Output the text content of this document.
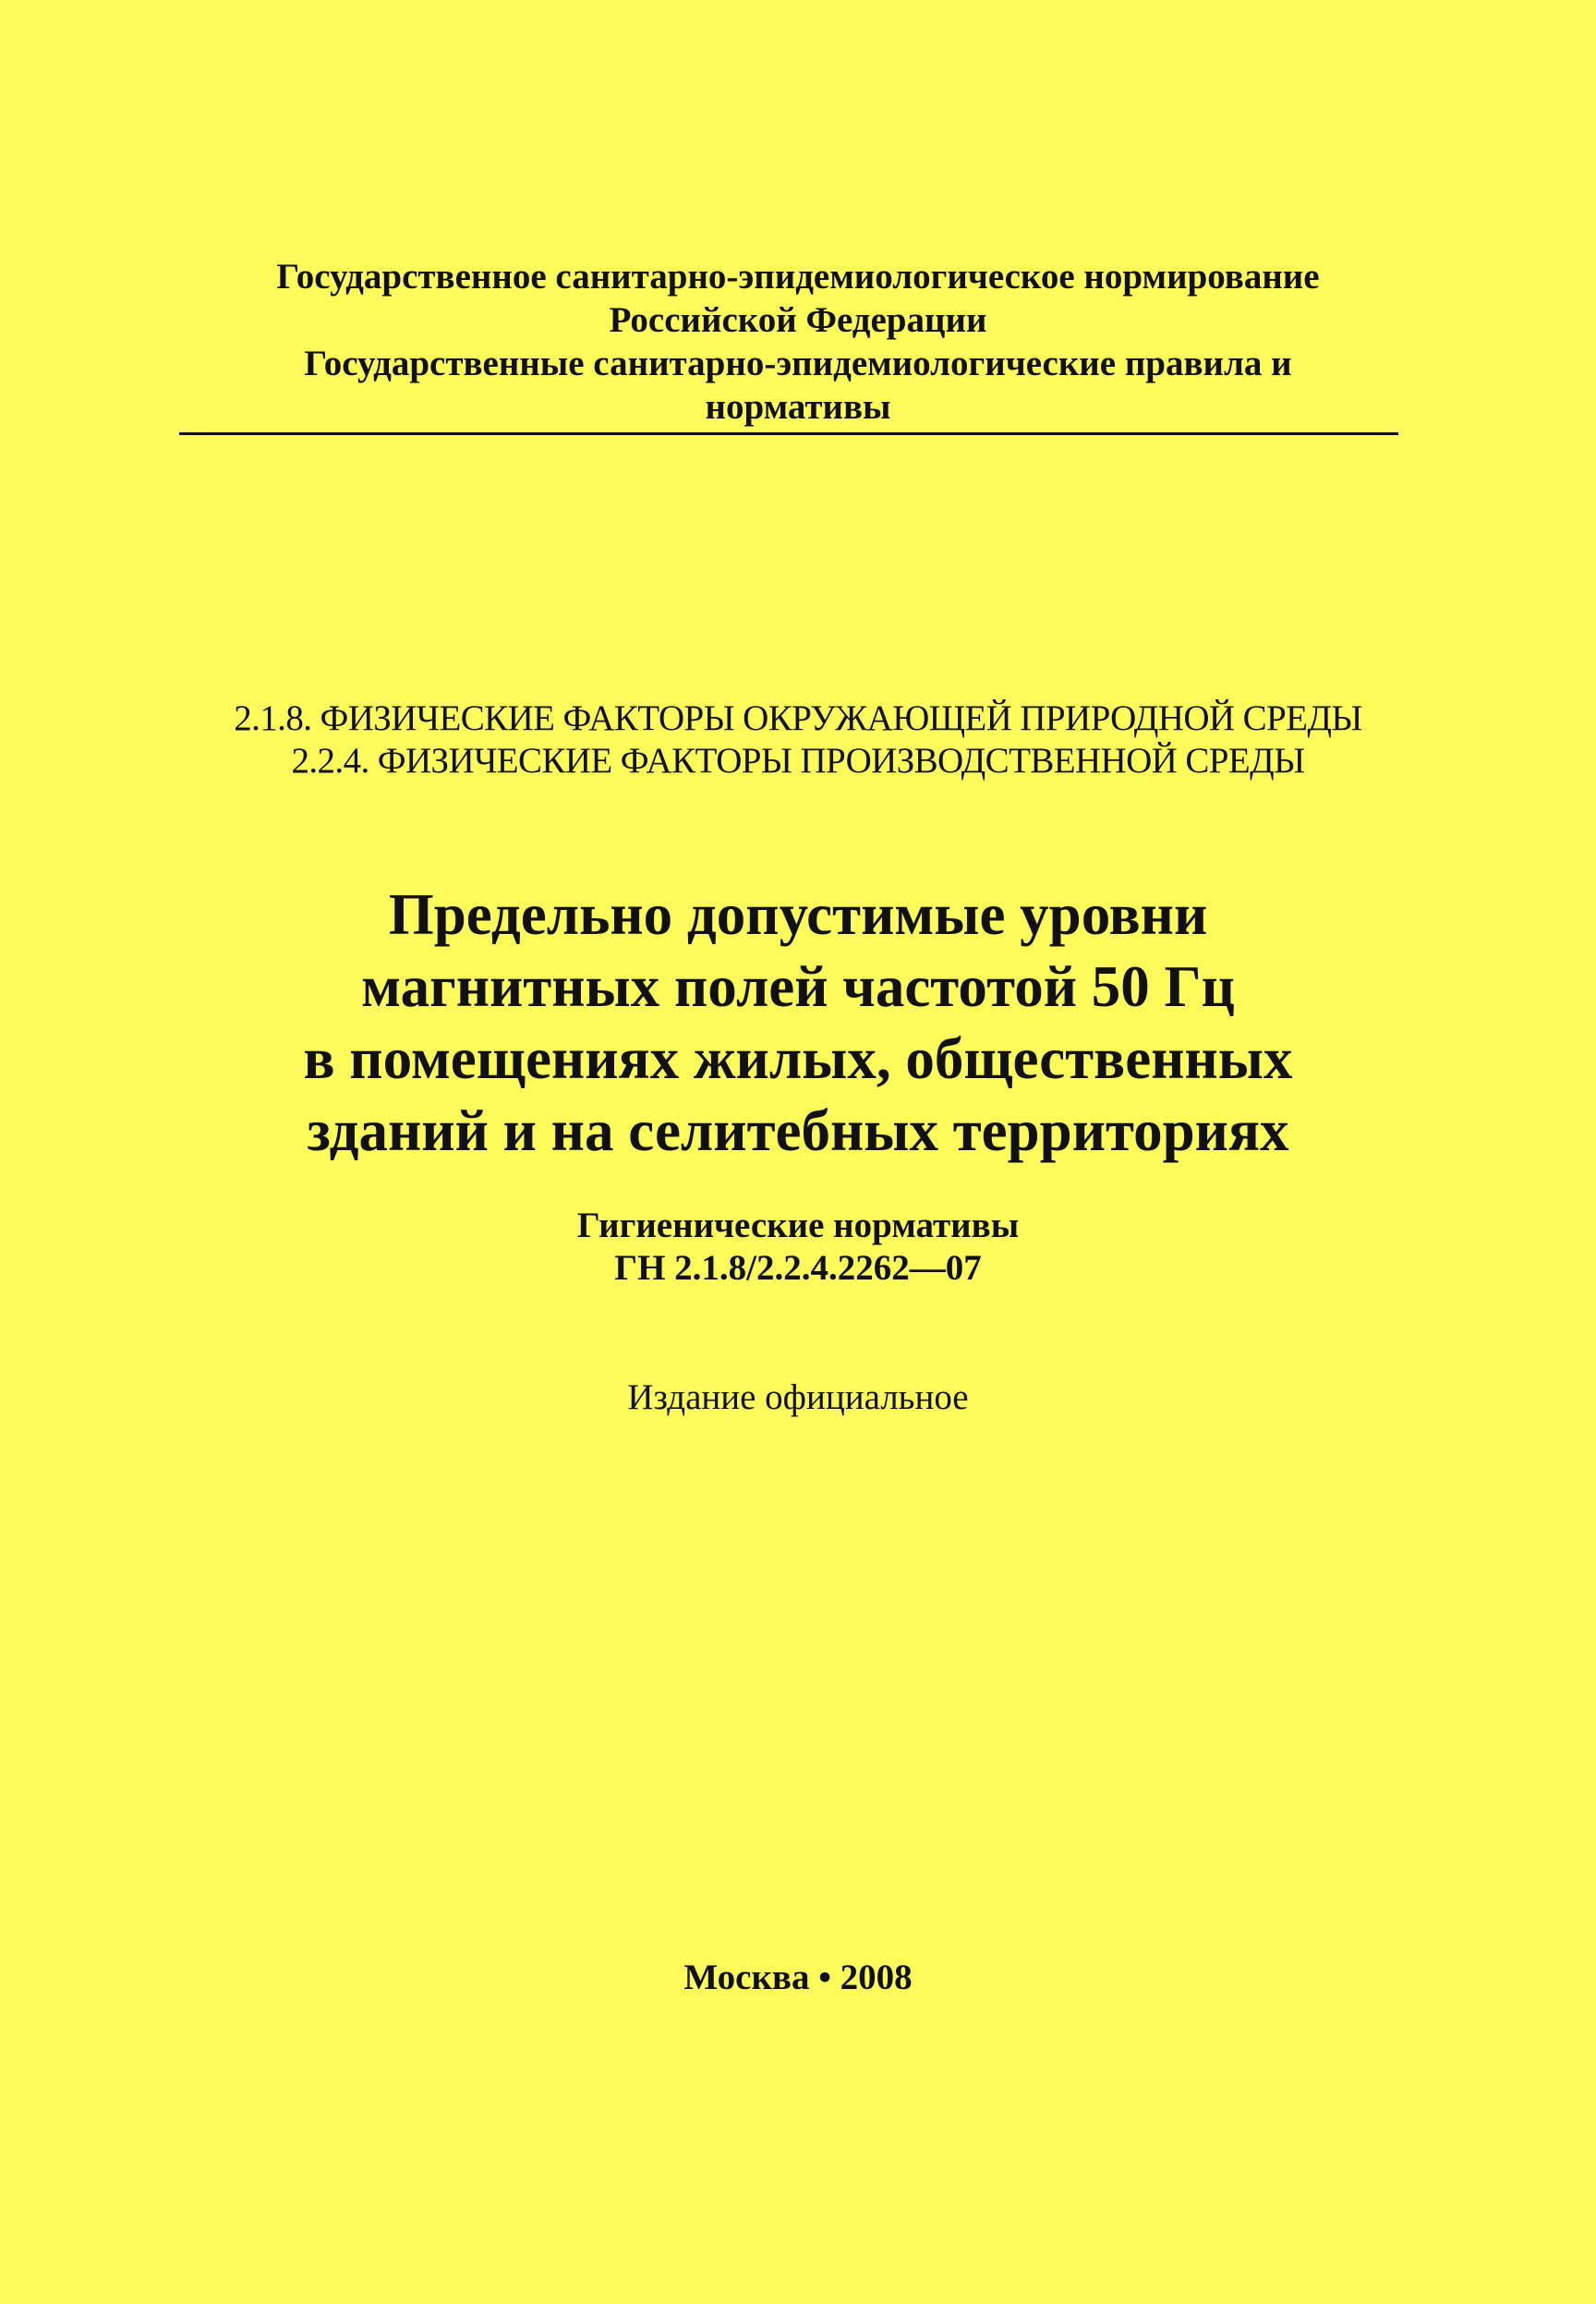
Государственное санитарно-эпидемиологическое нормирование
Российской Федерации
Государственные санитарно-эпидемиологические правила и
нормативы
2.1.8. ФИЗИЧЕСКИЕ ФАКТОРЫ ОКРУЖАЮЩЕЙ ПРИРОДНОЙ СРЕДЫ
2.2.4. ФИЗИЧЕСКИЕ ФАКТОРЫ ПРОИЗВОДСТВЕННОЙ СРЕДЫ
Предельно допустимые уровни
магнитных полей частотой 50 Гц
в помещениях жилых, общественных
зданий и на селитебных территориях
Гигиенические нормативы
ГН 2.1.8/2.2.4.2262—07
Издание официальное
Москва • 2008
